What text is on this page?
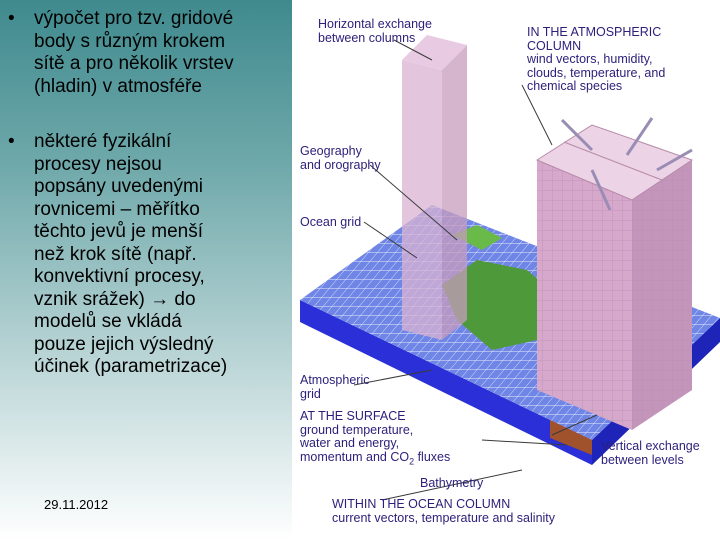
• výpočet pro tzv. gridové
body s různým krokem
sítě a pro několik vrstev
(hladin) v atmosféře
• některé fyzikální
procesy nejsou
popsány uvedenými
rovnicemi – měřítko
těchto jevů je menší
než krok sítě (např.
konvektivní procesy,
vznik srážek) → do
modelů se vkládá
pouze jejich výsledný
účinek (parametrizace)
29.11.2012
Horizontal exchange
between columns	IN THE ATMOSPHERIC
COLUMN
wind vectors, humidity,
clouds, temperature, and
chemical species
Geography
and orography
Ocean grid
Atmospheric
grid
AT THE SURFACE
ground temperature,
water and energy,
momentum and $CO_2$ fluxes
Vertical exchange
between levels
Bathymetry
WITHIN THE OCEAN COLUMN
current vectors, temperature and salinity
